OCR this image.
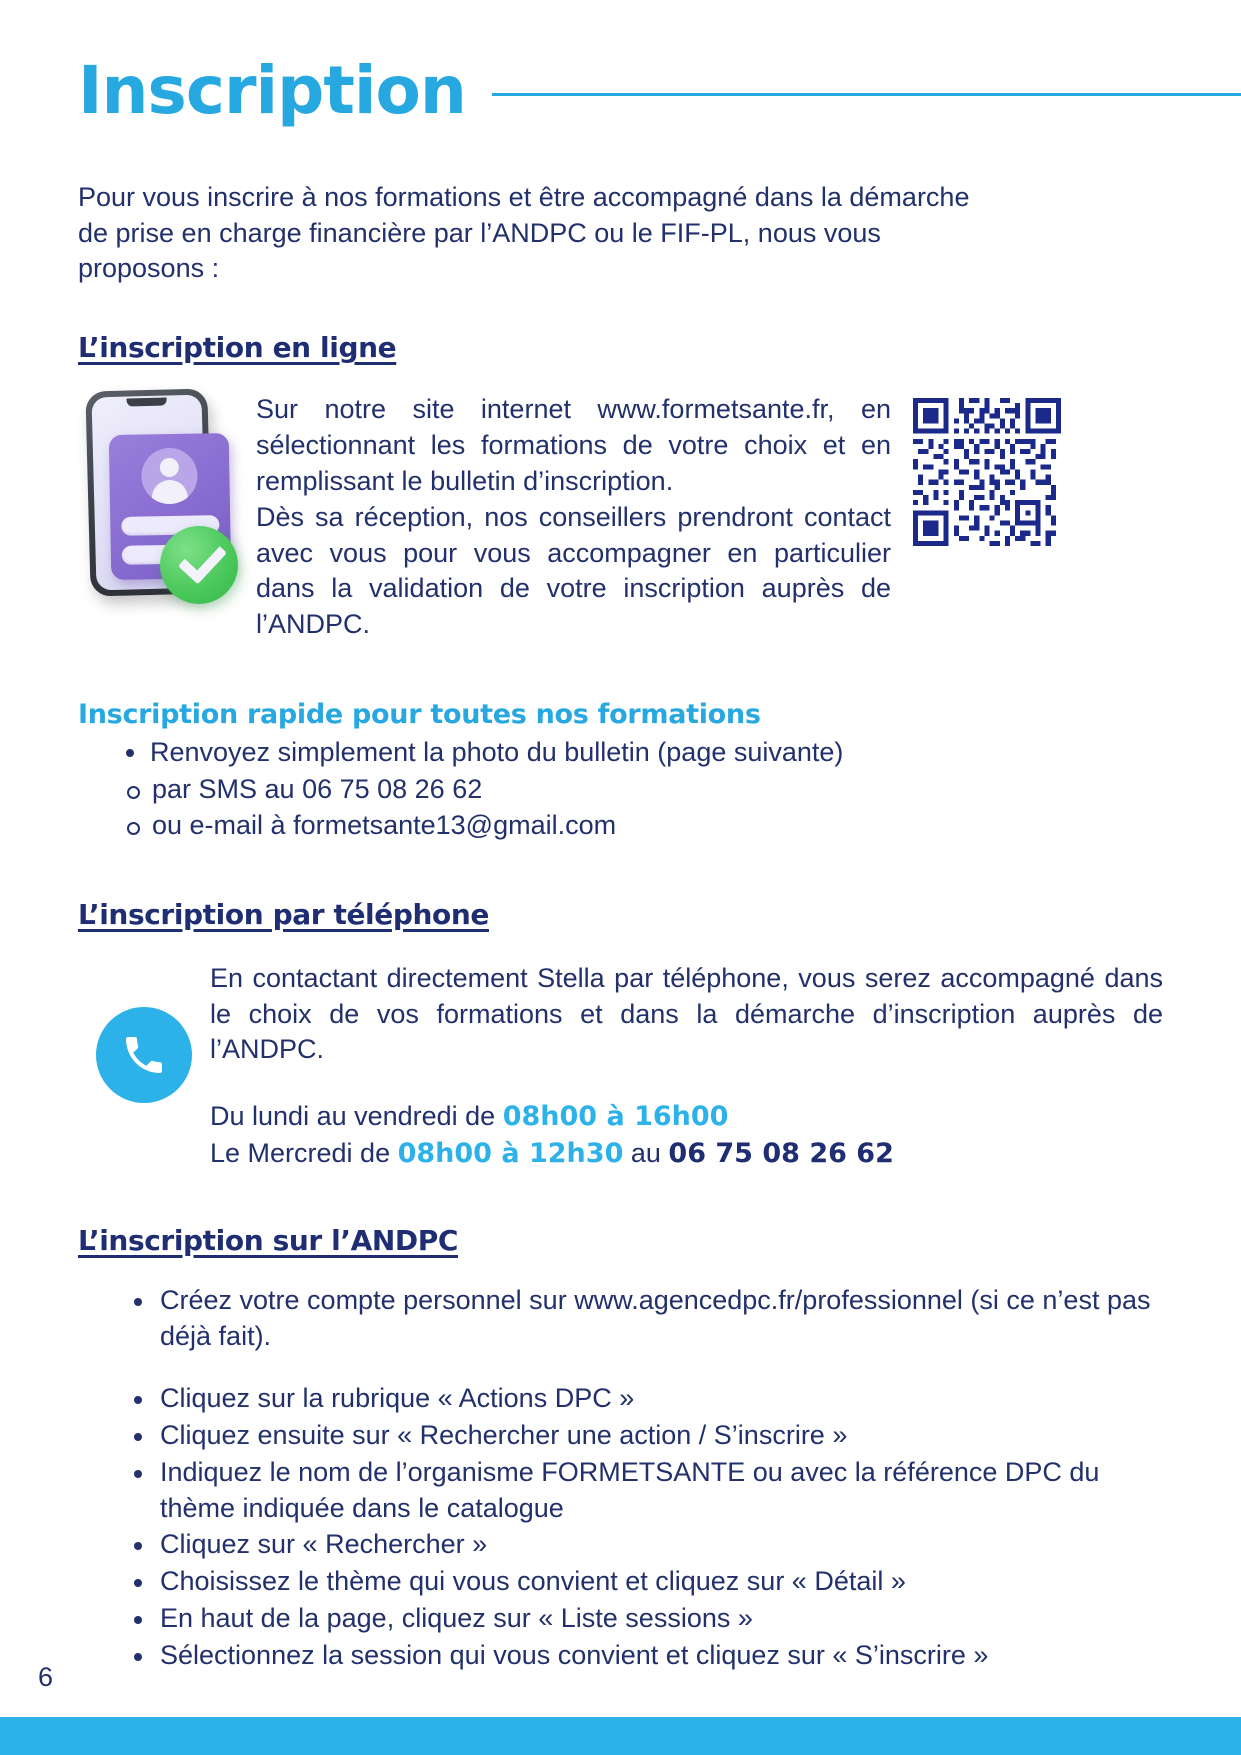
Inscription
Pour vous inscrire à nos formations et être accompagné dans la démarche
de prise en charge financière par l’ANDPC ou le FIF-PL, nous vous
proposons :
L’inscription en ligne

Sur notre site internet www.formetsante.fr, en sélectionnant les formations de votre choix et en remplissant le bulletin d’inscription.

Dès sa réception, nos conseillers prendront contact avec vous pour vous accompagner en particulier dans la validation de votre inscription auprès de l’ANDPC.

Inscription rapide pour toutes nos formations
Renvoyez simplement la photo du bulletin (page suivante)
par SMS au 06 75 08 26 62
ou e-mail à formetsante13@gmail.com
L’inscription par téléphone

En contactant directement Stella par téléphone, vous serez accompagné dans le choix de vos formations et dans la démarche d’inscription auprès de l’ANDPC.

Du lundi au vendredi de 08h00 à 16h00

Le Mercredi de 08h00 à 12h30 au 06 75 08 26 62

L’inscription sur l’ANDPC
Créez votre compte personnel sur www.agencedpc.fr/professionnel (si ce n’est pas déjà fait).
Cliquez sur la rubrique « Actions DPC »
Cliquez ensuite sur « Rechercher une action / S’inscrire »
Indiquez le nom de l’organisme FORMETSANTE ou avec la référence DPC du thème indiquée dans le catalogue
Cliquez sur « Rechercher »
Choisissez le thème qui vous convient et cliquez sur « Détail »
En haut de la page, cliquez sur « Liste sessions »
Sélectionnez la session qui vous convient et cliquez sur « S’inscrire »
6
